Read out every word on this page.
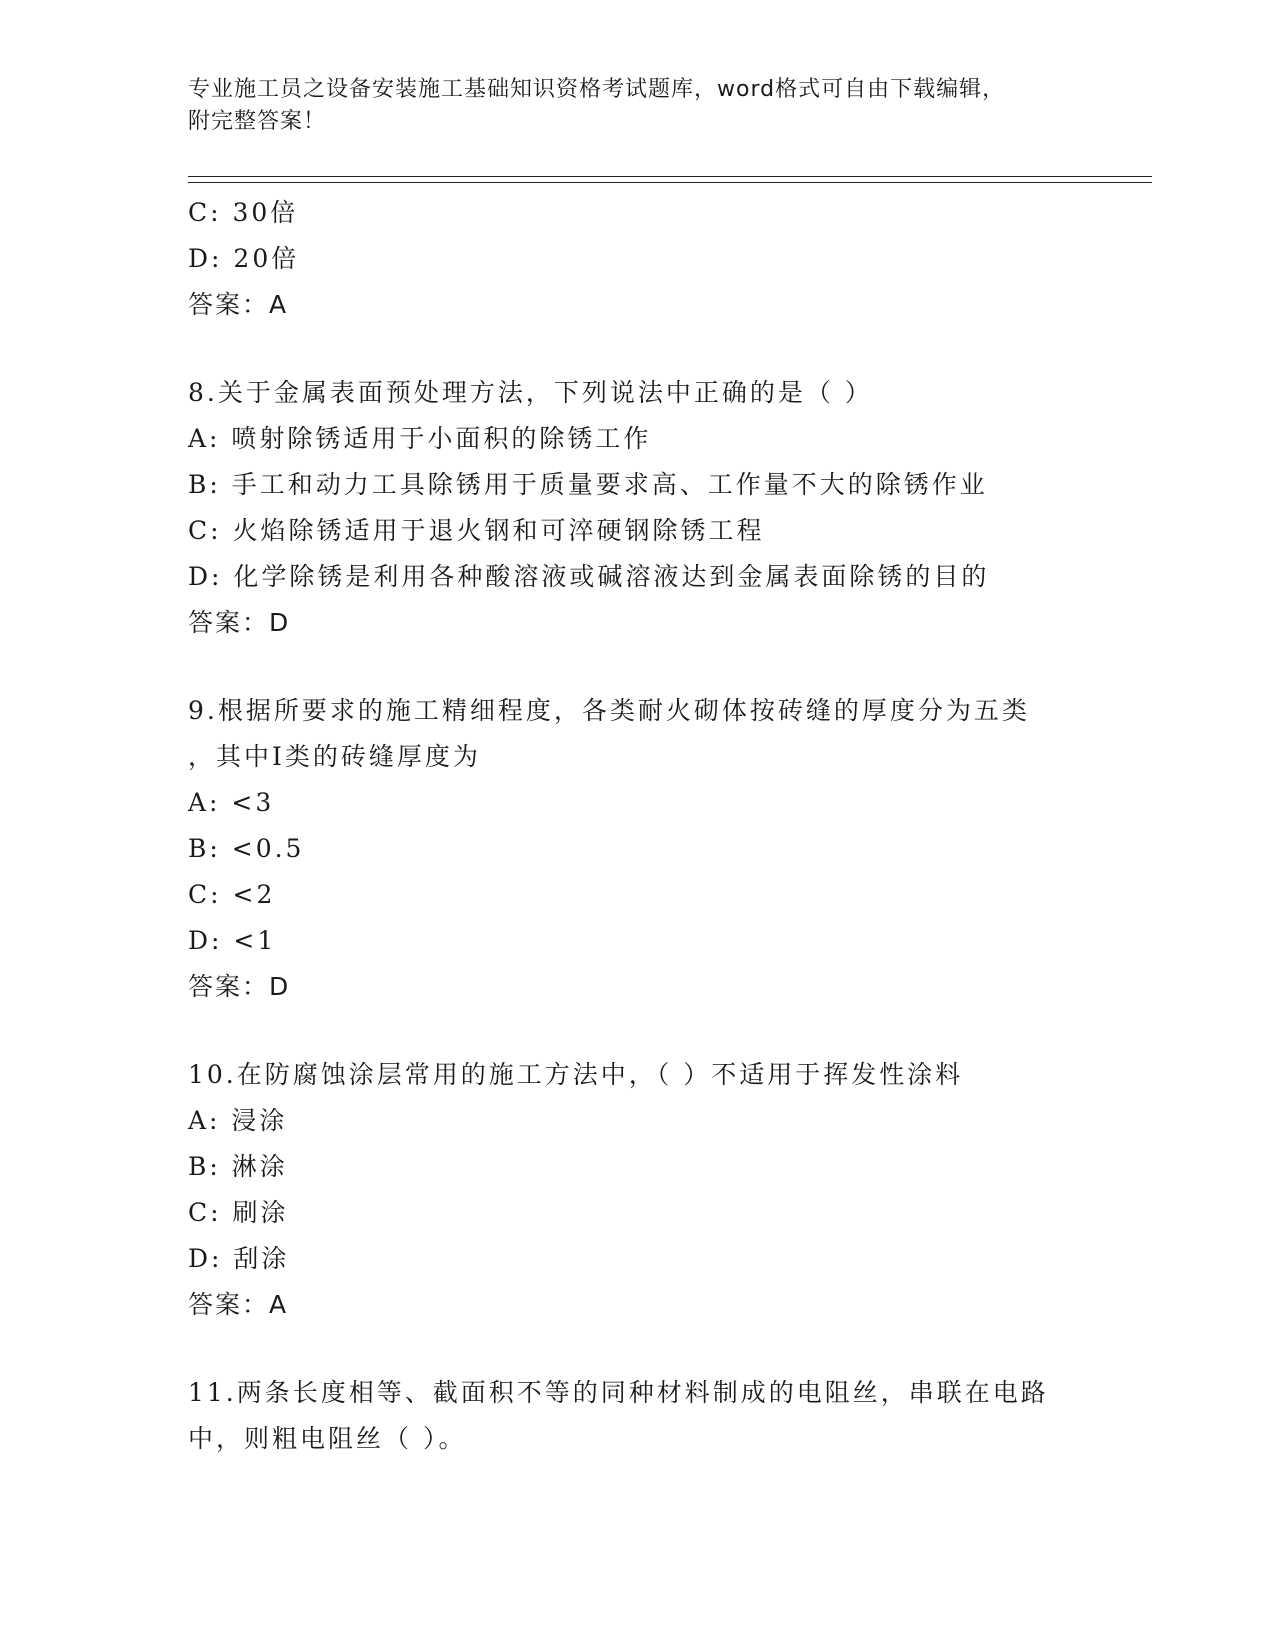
专业施工员之设备安装施工基础知识资格考试题库，word格式可自由下载编辑，
附完整答案！
C: 30倍
D: 20倍
答案：A
8.关于金属表面预处理方法，下列说法中正确的是（ ）
A: 喷射除锈适用于小面积的除锈工作
B: 手工和动力工具除锈用于质量要求高、工作量不大的除锈作业
C: 火焰除锈适用于退火钢和可淬硬钢除锈工程
D: 化学除锈是利用各种酸溶液或碱溶液达到金属表面除锈的目的
答案：D
9.根据所要求的施工精细程度，各类耐火砌体按砖缝的厚度分为五类
，其中I类的砖缝厚度为
A: <3
B: <0.5
C: <2
D: <1
答案：D
10.在防腐蚀涂层常用的施工方法中，（ ）不适用于挥发性涂料
A: 浸涂
B: 淋涂
C: 刷涂
D: 刮涂
答案：A
11.两条长度相等、截面积不等的同种材料制成的电阻丝，串联在电路
中，则粗电阻丝（ ）。
